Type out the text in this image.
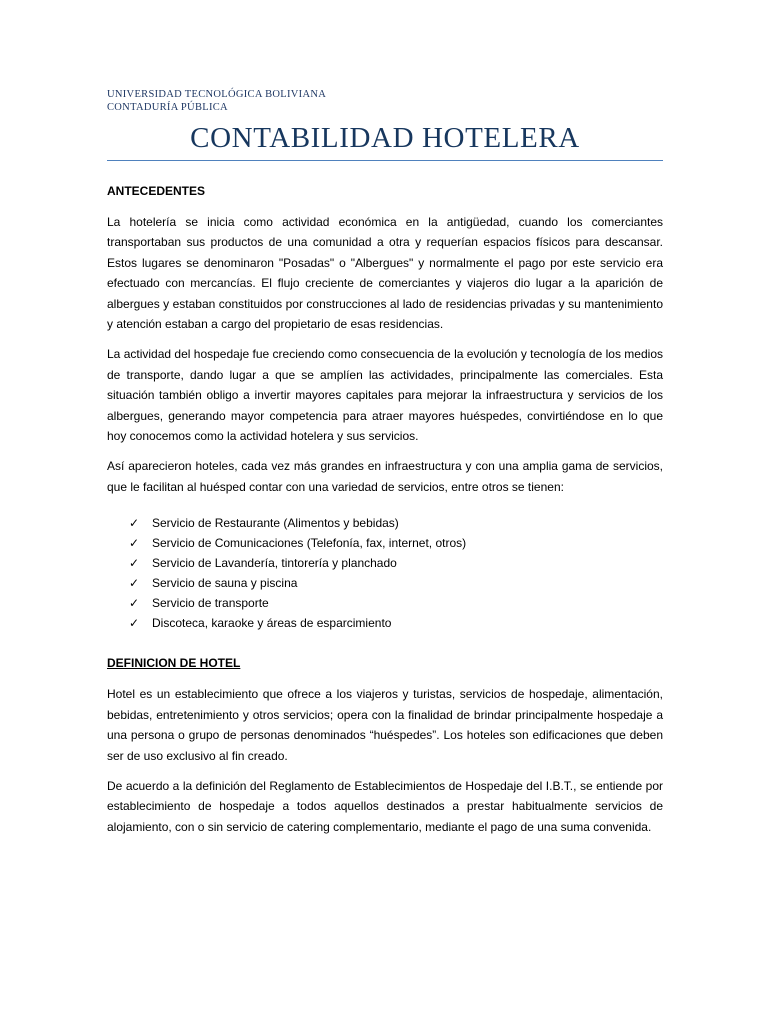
UNIVERSIDAD TECNOLÓGICA BOLIVIANA
CONTADURÍA PÚBLICA
CONTABILIDAD HOTELERA
ANTECEDENTES

La hotelería se inicia como actividad económica en la antigüedad, cuando los comerciantes transportaban sus productos de una comunidad a otra y requerían espacios físicos para descansar. Estos lugares se denominaron "Posadas" o "Albergues" y normalmente el pago por este servicio era efectuado con mercancías. El flujo creciente de comerciantes y viajeros dio lugar a la aparición de albergues y estaban constituidos por construcciones al lado de residencias privadas y su mantenimiento y atención estaban a cargo del propietario de esas residencias.

La actividad del hospedaje fue creciendo como consecuencia de la evolución y tecnología de los medios de transporte, dando lugar a que se amplíen las actividades, principalmente las comerciales. Esta situación también obligo a invertir mayores capitales para mejorar la infraestructura y servicios de los albergues, generando mayor competencia para atraer mayores huéspedes, convirtiéndose en lo que hoy conocemos como la actividad hotelera y sus servicios.

Así aparecieron hoteles, cada vez más grandes en infraestructura y con una amplia gama de servicios, que le facilitan al huésped contar con una variedad de servicios, entre otros se tienen:

✓	Servicio de Restaurante (Alimentos y bebidas)
✓	Servicio de Comunicaciones (Telefonía, fax, internet, otros)
✓	Servicio de Lavandería, tintorería y planchado
✓	Servicio de sauna y piscina
✓	Servicio de transporte
✓	Discoteca, karaoke y áreas de esparcimiento
DEFINICION DE HOTEL

Hotel es un establecimiento que ofrece a los viajeros y turistas, servicios de hospedaje, alimentación, bebidas, entretenimiento y otros servicios; opera con la finalidad de brindar principalmente hospedaje a una persona o grupo de personas denominados “huéspedes”. Los hoteles son edificaciones que deben ser de uso exclusivo al fin creado.

De acuerdo a la definición del Reglamento de Establecimientos de Hospedaje del I.B.T., se entiende por establecimiento de hospedaje a todos aquellos destinados a prestar habitualmente servicios de alojamiento, con o sin servicio de catering complementario, mediante el pago de una suma convenida.
